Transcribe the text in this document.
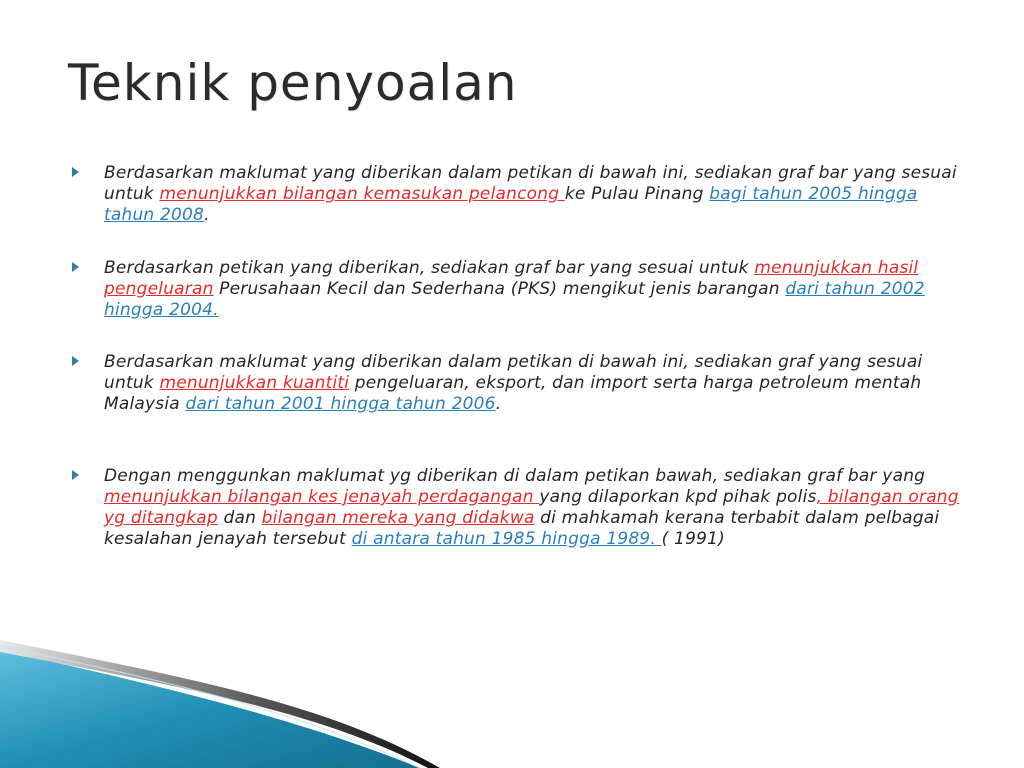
Teknik penyoalan
Berdasarkan maklumat yang diberikan dalam petikan di bawah ini, sediakan graf bar yang sesuai untuk menunjukkan bilangan kemasukan pelancong ke Pulau Pinang bagi tahun 2005 hingga tahun 2008.
Berdasarkan petikan yang diberikan, sediakan graf bar yang sesuai untuk menunjukkan hasil pengeluaran Perusahaan Kecil dan Sederhana (PKS) mengikut jenis barangan dari tahun 2002 hingga 2004.
Berdasarkan maklumat yang diberikan dalam petikan di bawah ini, sediakan graf yang sesuai untuk menunjukkan kuantiti pengeluaran, eksport, dan import serta harga petroleum mentah Malaysia dari tahun 2001 hingga tahun 2006.
Dengan menggunkan maklumat yg diberikan di dalam petikan bawah, sediakan graf bar yang menunjukkan bilangan kes jenayah perdagangan yang dilaporkan kpd pihak polis, bilangan orang yg ditangkap dan bilangan mereka yang didakwa di mahkamah kerana terbabit dalam pelbagai kesalahan jenayah tersebut di antara tahun 1985 hingga 1989. ( 1991)
